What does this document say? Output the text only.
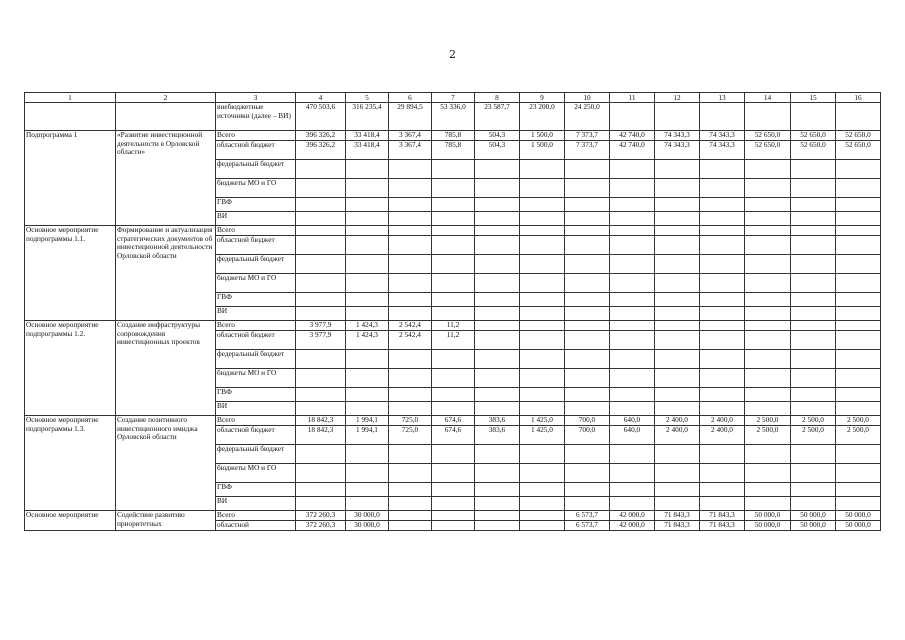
2
1	2	3	4	5	6	7	8	9	10	11	12	13	14	15	16
		внебюджетные источники (далее – ВИ)	470 503,6	316 235,4	29 894,5	53 336,0	23 587,7	23 200,0	24 250,0						
Подпрограмма 1	«Развитие инвестиционной деятельности в Орловской области»	Всего	396 326,2	33 418,4	3 367,4	785,8	504,3	1 500,0	7 373,7	42 740,0	74 343,3	74 343,3	52 650,0	52 650,0	52 650,0
		областной бюджет	396 326,2	33 418,4	3 367,4	785,8	504,3	1 500,0	7 373,7	42 740,0	74 343,3	74 343,3	52 650,0	52 650,0	52 650,0
		федеральный бюджет													
		бюджеты МО и ГО													
		ГВФ													
		ВИ													
Основное мероприятие подпрограммы 1.1.	Формирование и актуализация стратегических документов об инвестиционной деятельности Орловской области	Всего													
		областной бюджет													
		федеральный бюджет													
		бюджеты МО и ГО													
		ГВФ													
		ВИ													
Основное мероприятие подпрограммы 1.2.	Создание инфраструктуры сопровождения инвестиционных проектов	Всего	3 977,9	1 424,3	2 542,4	11,2									
		областной бюджет	3 977,9	1 424,3	2 542,4	11,2									
		федеральный бюджет													
		бюджеты МО и ГО													
		ГВФ													
		ВИ													
Основное мероприятие подпрограммы 1.3.	Создание позитивного инвестиционного имиджа Орловской области	Всего	18 842,3	1 994,1	725,0	674,6	383,6	1 425,0	700,0	640,0	2 400,0	2 400,0	2 500,0	2 500,0	2 500,0
		областной бюджет	18 842,3	1 994,1	725,0	674,6	383,6	1 425,0	700,0	640,0	2 400,0	2 400,0	2 500,0	2 500,0	2 500,0
		федеральный бюджет													
		бюджеты МО и ГО													
		ГВФ													
		ВИ													
Основное мероприятие	Содействие развитию приоритетных	Всего	372 260,3	30 000,0					6 573,7	42 000,0	71 843,3	71 843,3	50 000,0	50 000,0	50 000,0
		областной	372 260,3	30 000,0					6 573,7	42 000,0	71 843,3	71 843,3	50 000,0	50 000,0	50 000,0
